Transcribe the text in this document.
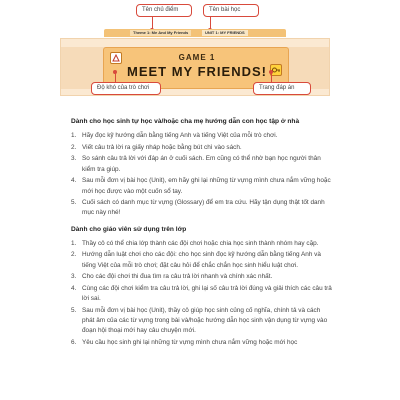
Tên chủ điểm	Tên bài học
Theme 1: Me And My Friends	UNIT 1: MY FRIENDS
GAME 1
MEET MY FRIENDS!
Độ khó của trò chơi	Trang đáp án
Dành cho học sinh tự học và/hoặc cha mẹ hướng dẫn con học tập ở nhà
1. Hãy đọc kỹ hướng dẫn bằng tiếng Anh và tiếng Việt của mỗi trò chơi.
2. Viết câu trả lời ra giấy nháp hoặc bằng bút chì vào sách.
3. So sánh câu trả lời với đáp án ở cuối sách. Em cũng có thể nhờ bạn học người thân kiểm tra giúp.
4. Sau mỗi đơn vị bài học (Unit), em hãy ghi lại những từ vựng mình chưa nắm vững hoặc mới học được vào một cuốn sổ tay.
5. Cuối sách có danh mục từ vựng (Glossary) để em tra cứu. Hãy tận dụng thật tốt danh mục này nhé!
Dành cho giáo viên sử dụng trên lớp
1. Thầy cô có thể chia lớp thành các đội chơi hoặc chia học sinh thành nhóm hay cặp.
2. Hướng dẫn luật chơi cho các đội: cho học sinh đọc kỹ hướng dẫn bằng tiếng Anh và tiếng Việt của mỗi trò chơi; đặt câu hỏi để chắc chắn học sinh hiểu luật chơi.
3. Cho các đội chơi thi đua tìm ra câu trả lời nhanh và chính xác nhất.
4. Cùng các đội chơi kiểm tra câu trả lời, ghi lại số câu trả lời đúng và giải thích các câu trả lời sai.
5. Sau mỗi đơn vị bài học (Unit), thầy cô giúp học sinh củng cố nghĩa, chính tả và cách phát âm của các từ vựng trong bài và/hoặc hướng dẫn học sinh vận dụng từ vựng vào đoạn hội thoại mới hay câu chuyện mới.
6. Yêu cầu học sinh ghi lại những từ vựng mình chưa nắm vững hoặc mới học
